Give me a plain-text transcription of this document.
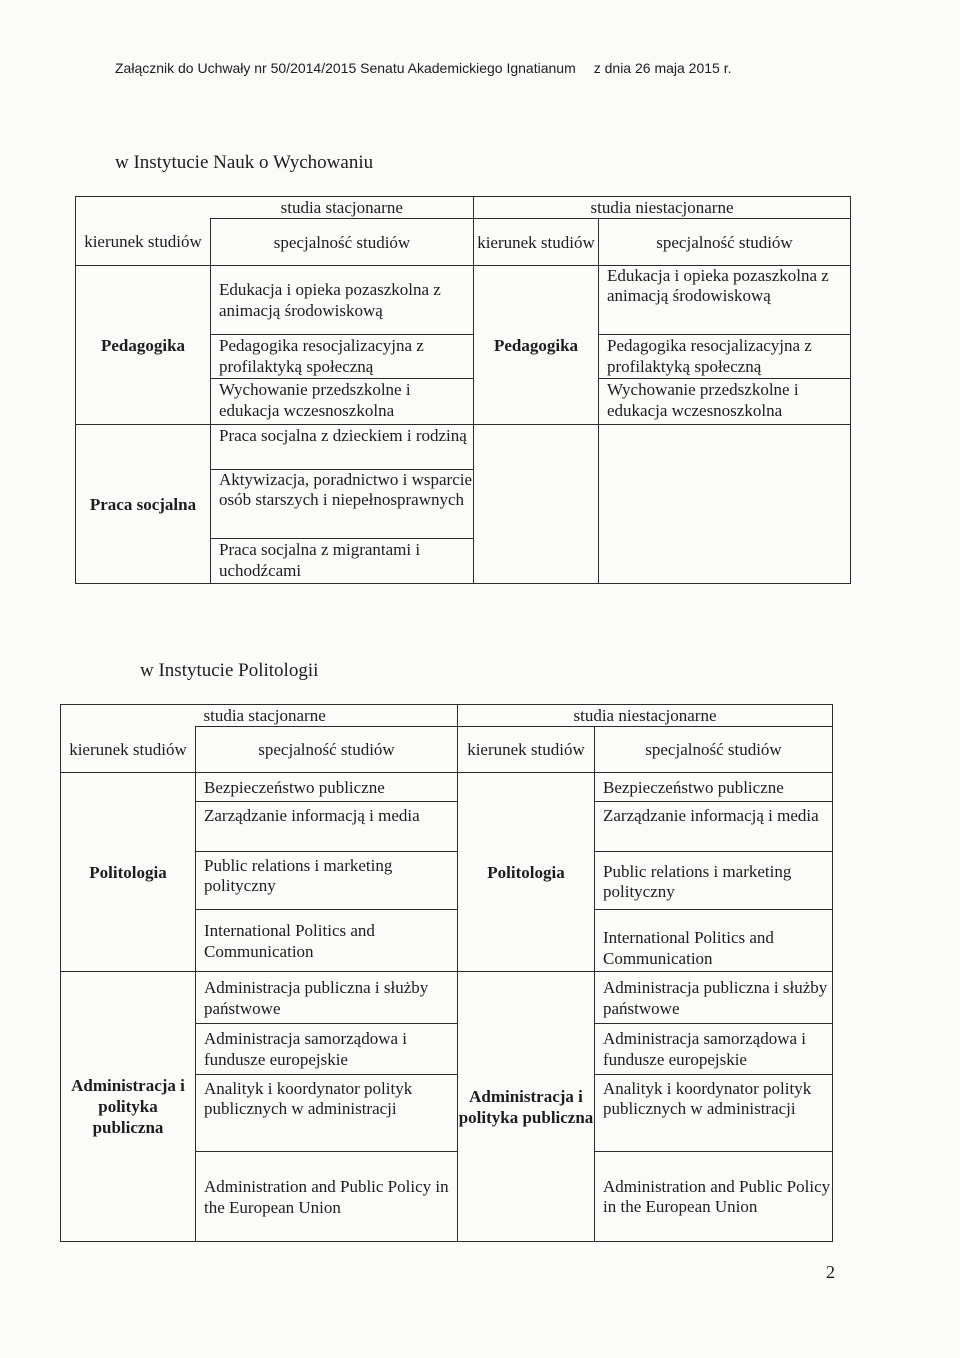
Załącznik do Uchwały nr 50/2014/2015 Senatu Akademickiego Ignatianum z dnia 26 maja 2015 r.
w Instytucie Nauk o Wychowaniu
	studia stacjonarne	studia niestacjonarne	
kierunek studiów	specjalność studiów	kierunek studiów	specjalność studiów
Pedagogika	Edukacja i opieka pozaszkolna z animacją środowiskową	Pedagogika	Edukacja i opieka pozaszkolna z animacją środowiskową
	Pedagogika resocjalizacyjna z profilaktyką społeczną		Pedagogika resocjalizacyjna z profilaktyką społeczną
	Wychowanie przedszkolne i edukacja wczesnoszkolna		Wychowanie przedszkolne i edukacja wczesnoszkolna
Praca socjalna	Praca socjalna z dzieckiem i rodziną		
	Aktywizacja, poradnictwo i wsparcie osób starszych i niepełnosprawnych		
	Praca socjalna z migrantami i uchodźcami		
w Instytucie Politologii
	studia stacjonarne	studia niestacjonarne	
kierunek studiów	specjalność studiów	kierunek studiów	specjalność studiów
Politologia	Bezpieczeństwo publiczne	Politologia	Bezpieczeństwo publiczne
	Zarządzanie informacją i media		Zarządzanie informacją i media
	Public relations i marketing polityczny		Public relations i marketing polityczny
	International Politics and Communication		International Politics and Communication
Administracja i polityka publiczna	Administracja publiczna i służby państwowe	Administracja i polityka publiczna	Administracja publiczna i służby państwowe
	Administracja samorządowa i fundusze europejskie		Administracja samorządowa i fundusze europejskie
	Analityk i koordynator polityk publicznych w administracji		Analityk i koordynator polityk publicznych w administracji
	Administration and Public Policy in the European Union		Administration and Public Policy in the European Union
2
